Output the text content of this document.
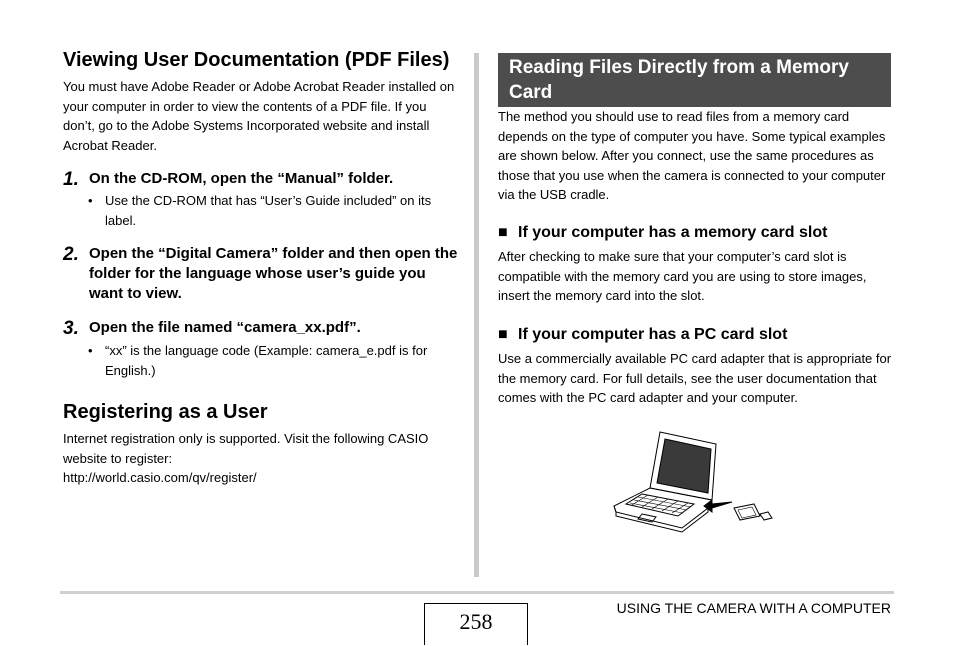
Viewing User Documentation (PDF Files)

You must have Adobe Reader or Adobe Acrobat Reader installed on your computer in order to view the contents of a PDF file. If you don’t, go to the Adobe Systems Incorporated website and install Acrobat Reader.

1. On the CD-ROM, open the “Manual” folder.
• Use the CD-ROM that has “User’s Guide included” on its label.
2. Open the “Digital Camera” folder and then open the folder for the language whose user’s guide you want to view.
3. Open the file named “camera_xx.pdf”.
• “xx” is the language code (Example: camera_e.pdf is for English.)
Registering as a User

Internet registration only is supported. Visit the following CASIO website to register:

http://world.casio.com/qv/register/

Reading Files Directly from a Memory Card

The method you should use to read files from a memory card depends on the type of computer you have. Some typical examples are shown below. After you connect, use the same procedures as those that you use when the camera is connected to your computer via the USB cradle.

■ If your computer has a memory card slot

After checking to make sure that your computer’s card slot is compatible with the memory card you are using to store images, insert the memory card into the slot.

■ If your computer has a PC card slot

Use a commercially available PC card adapter that is appropriate for the memory card. For full details, see the user documentation that comes with the PC card adapter and your computer.

258
USING THE CAMERA WITH A COMPUTER
